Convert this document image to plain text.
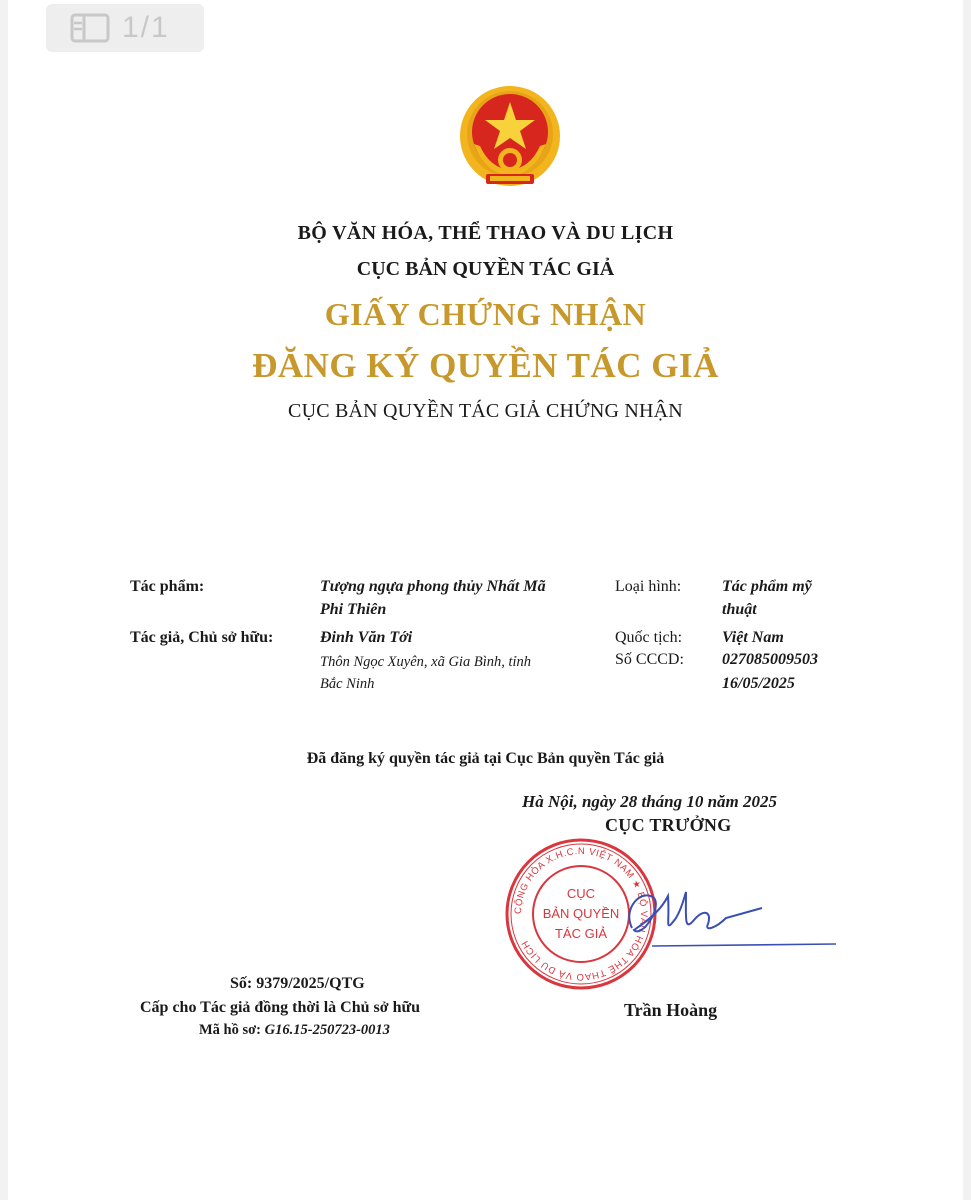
1/1
BỘ VĂN HÓA, THỂ THAO VÀ DU LỊCH
CỤC BẢN QUYỀN TÁC GIẢ
GIẤY CHỨNG NHẬN
ĐĂNG KÝ QUYỀN TÁC GIẢ
CỤC BẢN QUYỀN TÁC GIẢ CHỨNG NHẬN
Tác phẩm:	Tượng ngựa phong thủy Nhất Mã
Phi Thiên
Loại hình:	Tác phẩm mỹ
thuật
Tác giả, Chủ sở hữu:	Đinh Văn Tới
Thôn Ngọc Xuyên, xã Gia Bình, tỉnh
Bắc Ninh
Quốc tịch: Việt Nam
Số CCCD: 027085009503
16/05/2025
Đã đăng ký quyền tác giả tại Cục Bản quyền Tác giả
Hà Nội, ngày 28 tháng 10 năm 2025
CỤC TRƯỞNG
CỘNG HÒA X.H.C.N VIỆT NAM ★ BỘ VĂN HÓA THỂ THAO VÀ DU LỊCH
CỤC
BẢN QUYỀN
TÁC GIẢ
Trần Hoàng
Số: 9379/2025/QTG
Cấp cho Tác giả đồng thời là Chủ sở hữu
Mã hồ sơ: G16.15-250723-0013
